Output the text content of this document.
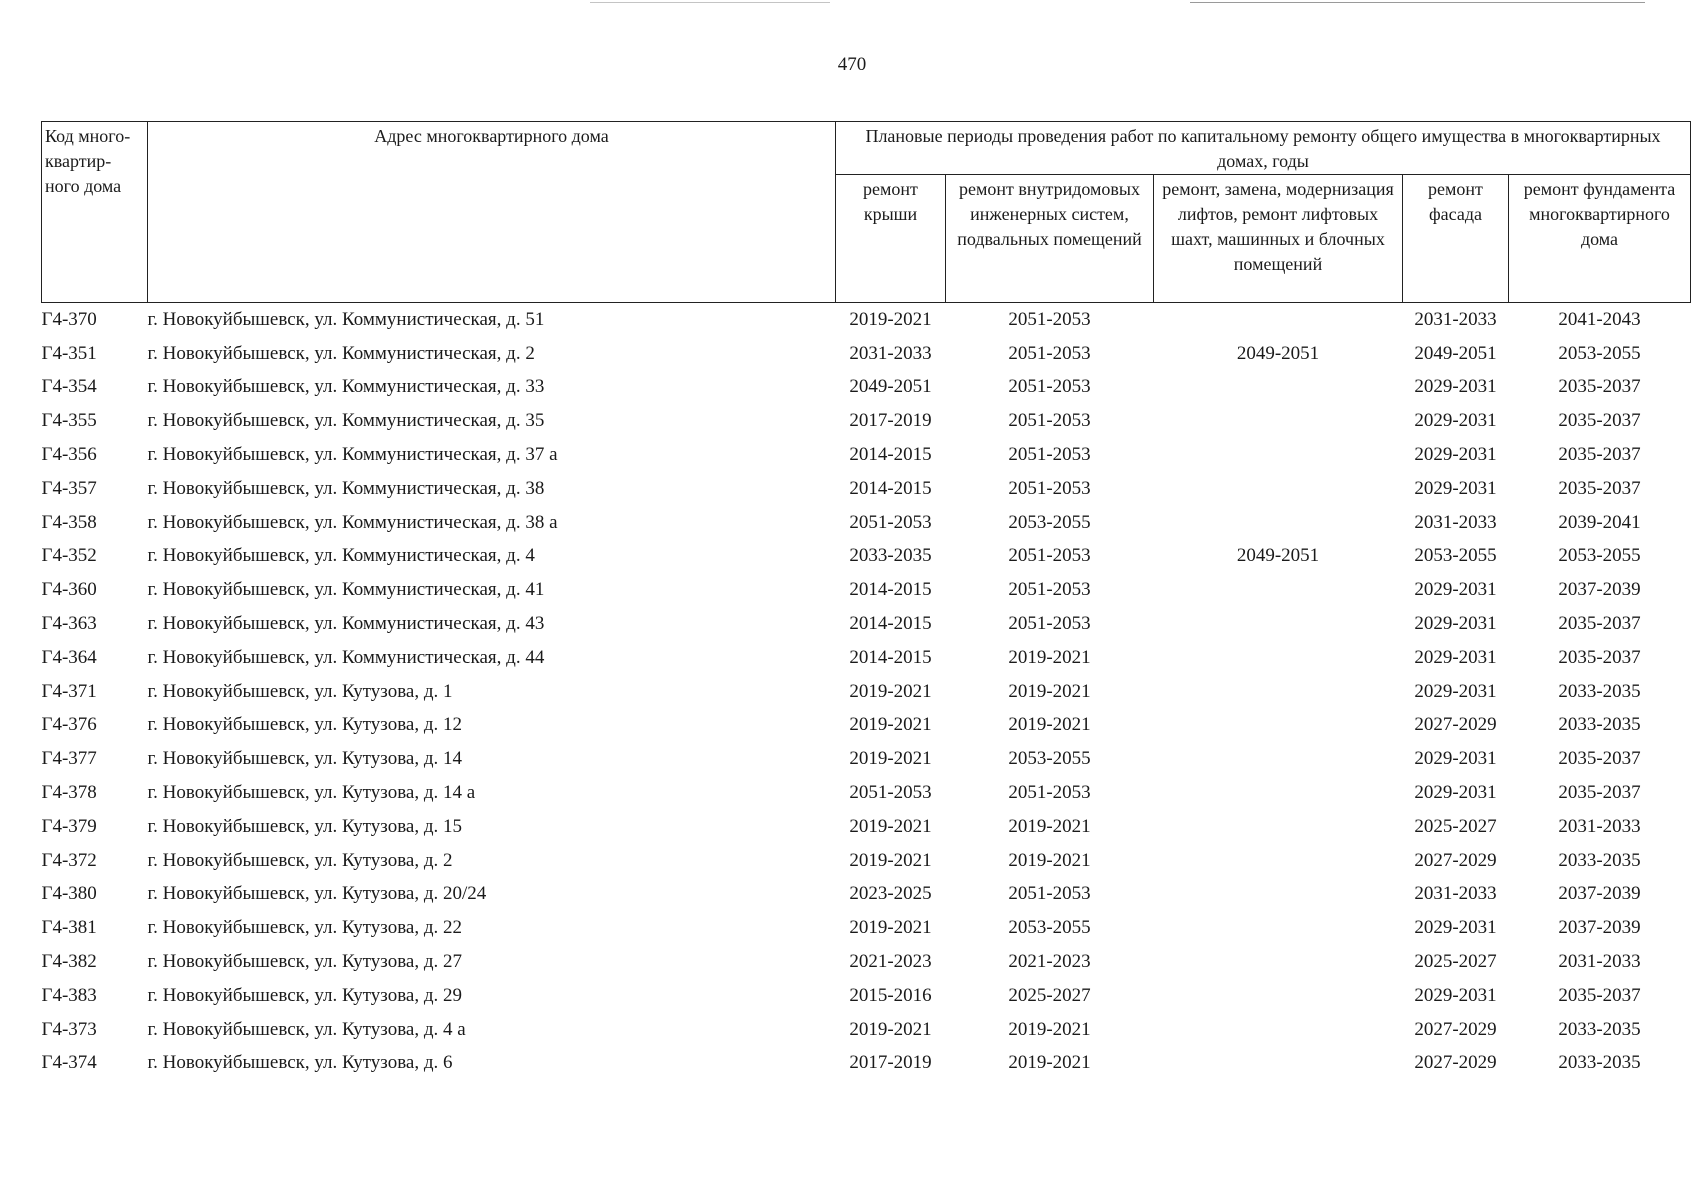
470
Код много-квартир-ного дома	Адрес многоквартирного дома	Плановые периоды проведения работ по капитальному ремонту общего имущества в многоквартирных домах, годы				
		ремонт крыши	ремонт внутридомовых инженерных систем, подвальных помещений	ремонт, замена, модернизация лифтов, ремонт лифтовых шахт, машинных и блочных помещений	ремонт фасада	ремонт фундамента многоквартирного дома
Г4-370	г. Новокуйбышевск, ул. Коммунистическая, д. 51	2019-2021	2051-2053		2031-2033	2041-2043
Г4-351	г. Новокуйбышевск, ул. Коммунистическая, д. 2	2031-2033	2051-2053	2049-2051	2049-2051	2053-2055
Г4-354	г. Новокуйбышевск, ул. Коммунистическая, д. 33	2049-2051	2051-2053		2029-2031	2035-2037
Г4-355	г. Новокуйбышевск, ул. Коммунистическая, д. 35	2017-2019	2051-2053		2029-2031	2035-2037
Г4-356	г. Новокуйбышевск, ул. Коммунистическая, д. 37 а	2014-2015	2051-2053		2029-2031	2035-2037
Г4-357	г. Новокуйбышевск, ул. Коммунистическая, д. 38	2014-2015	2051-2053		2029-2031	2035-2037
Г4-358	г. Новокуйбышевск, ул. Коммунистическая, д. 38 а	2051-2053	2053-2055		2031-2033	2039-2041
Г4-352	г. Новокуйбышевск, ул. Коммунистическая, д. 4	2033-2035	2051-2053	2049-2051	2053-2055	2053-2055
Г4-360	г. Новокуйбышевск, ул. Коммунистическая, д. 41	2014-2015	2051-2053		2029-2031	2037-2039
Г4-363	г. Новокуйбышевск, ул. Коммунистическая, д. 43	2014-2015	2051-2053		2029-2031	2035-2037
Г4-364	г. Новокуйбышевск, ул. Коммунистическая, д. 44	2014-2015	2019-2021		2029-2031	2035-2037
Г4-371	г. Новокуйбышевск, ул. Кутузова, д. 1	2019-2021	2019-2021		2029-2031	2033-2035
Г4-376	г. Новокуйбышевск, ул. Кутузова, д. 12	2019-2021	2019-2021		2027-2029	2033-2035
Г4-377	г. Новокуйбышевск, ул. Кутузова, д. 14	2019-2021	2053-2055		2029-2031	2035-2037
Г4-378	г. Новокуйбышевск, ул. Кутузова, д. 14 а	2051-2053	2051-2053		2029-2031	2035-2037
Г4-379	г. Новокуйбышевск, ул. Кутузова, д. 15	2019-2021	2019-2021		2025-2027	2031-2033
Г4-372	г. Новокуйбышевск, ул. Кутузова, д. 2	2019-2021	2019-2021		2027-2029	2033-2035
Г4-380	г. Новокуйбышевск, ул. Кутузова, д. 20/24	2023-2025	2051-2053		2031-2033	2037-2039
Г4-381	г. Новокуйбышевск, ул. Кутузова, д. 22	2019-2021	2053-2055		2029-2031	2037-2039
Г4-382	г. Новокуйбышевск, ул. Кутузова, д. 27	2021-2023	2021-2023		2025-2027	2031-2033
Г4-383	г. Новокуйбышевск, ул. Кутузова, д. 29	2015-2016	2025-2027		2029-2031	2035-2037
Г4-373	г. Новокуйбышевск, ул. Кутузова, д. 4 а	2019-2021	2019-2021		2027-2029	2033-2035
Г4-374	г. Новокуйбышевск, ул. Кутузова, д. 6	2017-2019	2019-2021		2027-2029	2033-2035
